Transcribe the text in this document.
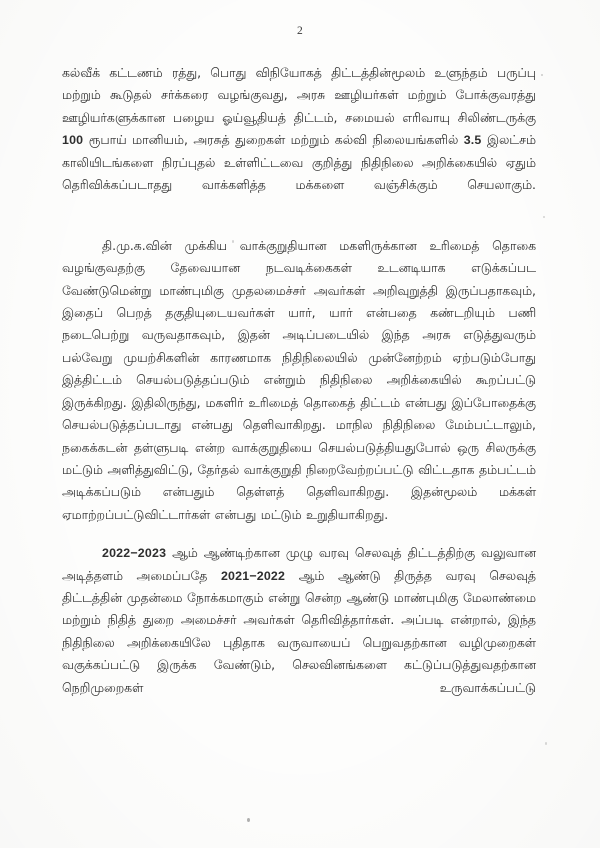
2

கல்வீக் கட்டணம் ரத்து, பொது விநியோகத் திட்டத்தின்மூலம் உளுந்தம் பருப்பு மற்றும் கூடுதல் சர்க்கரை வழங்குவது, அரசு ஊழியர்கள் மற்றும் போக்குவரத்து ஊழியர்களுக்கான பழைய ஓய்வூதியத் திட்டம், சமையல் எரிவாயு சிலிண்டருக்கு 100 ரூபாய் மானியம், அரசுத் துறைகள் மற்றும் கல்வி நிலையங்களில் 3.5 இலட்சம் காலியிடங்களை நிரப்புதல் உள்ளிட்டவை குறித்து நிதிநிலை அறிக்கையில் ஏதும் தெரிவிக்கப்படாதது வாக்களித்த மக்களை வஞ்சிக்கும் செயலாகும்.

தி.மு.க.வின் முக்கிய வாக்குறுதியான மகளிருக்கான உரிமைத் தொகை வழங்குவதற்கு தேவையான நடவடிக்கைகள் உடனடியாக எடுக்கப்பட வேண்டுமென்று மாண்புமிகு முதலமைச்சர் அவர்கள் அறிவுறுத்தி இருப்பதாகவும், இதைப் பெறத் தகுதியுடையவர்கள் யார், யார் என்பதை கண்டறியும் பணி நடைபெற்று வருவதாகவும், இதன் அடிப்படையில் இந்த அரசு எடுத்துவரும் பல்வேறு முயற்சிகளின் காரணமாக நிதிநிலையில் முன்னேற்றம் ஏற்படும்போது இத்திட்டம் செயல்படுத்தப்படும் என்றும் நிதிநிலை அறிக்கையில் கூறப்பட்டு இருக்கிறது. இதிலிருந்து, மகளிர் உரிமைத் தொகைத் திட்டம் என்பது இப்போதைக்கு செயல்படுத்தப்படாது என்பது தெளிவாகிறது. மாநில நிதிநிலை மேம்பட்டாலும், நகைக்கடன் தள்ளுபடி என்ற வாக்குறுதியை செயல்படுத்தியதுபோல் ஒரு சிலருக்கு மட்டும் அளித்துவிட்டு, தேர்தல் வாக்குறுதி நிறைவேற்றப்பட்டு விட்டதாக தம்பட்டம் அடிக்கப்படும் என்பதும் தெள்ளத் தெளிவாகிறது. இதன்மூலம் மக்கள் ஏமாற்றப்பட்டுவிட்டார்கள் என்பது மட்டும் உறுதியாகிறது.

2022−2023 ஆம் ஆண்டிற்கான முழு வரவு செலவுத் திட்டத்திற்கு வலுவான அடித்தளம் அமைப்பதே 2021−2022 ஆம் ஆண்டு திருத்த வரவு செலவுத் திட்டத்தின் முதன்மை நோக்கமாகும் என்று சென்ற ஆண்டு மாண்புமிகு மேலாண்மை மற்றும் நிதித் துறை அமைச்சர் அவர்கள் தெரிவித்தார்கள். அப்படி என்றால், இந்த நிதிநிலை அறிக்கையிலே புதிதாக வருவாயைப் பெறுவதற்கான வழிமுறைகள் வகுக்கப்பட்டு இருக்க வேண்டும், செலவினங்களை கட்டுப்படுத்துவதற்கான நெறிமுறைகள் உருவாக்கப்பட்டு
